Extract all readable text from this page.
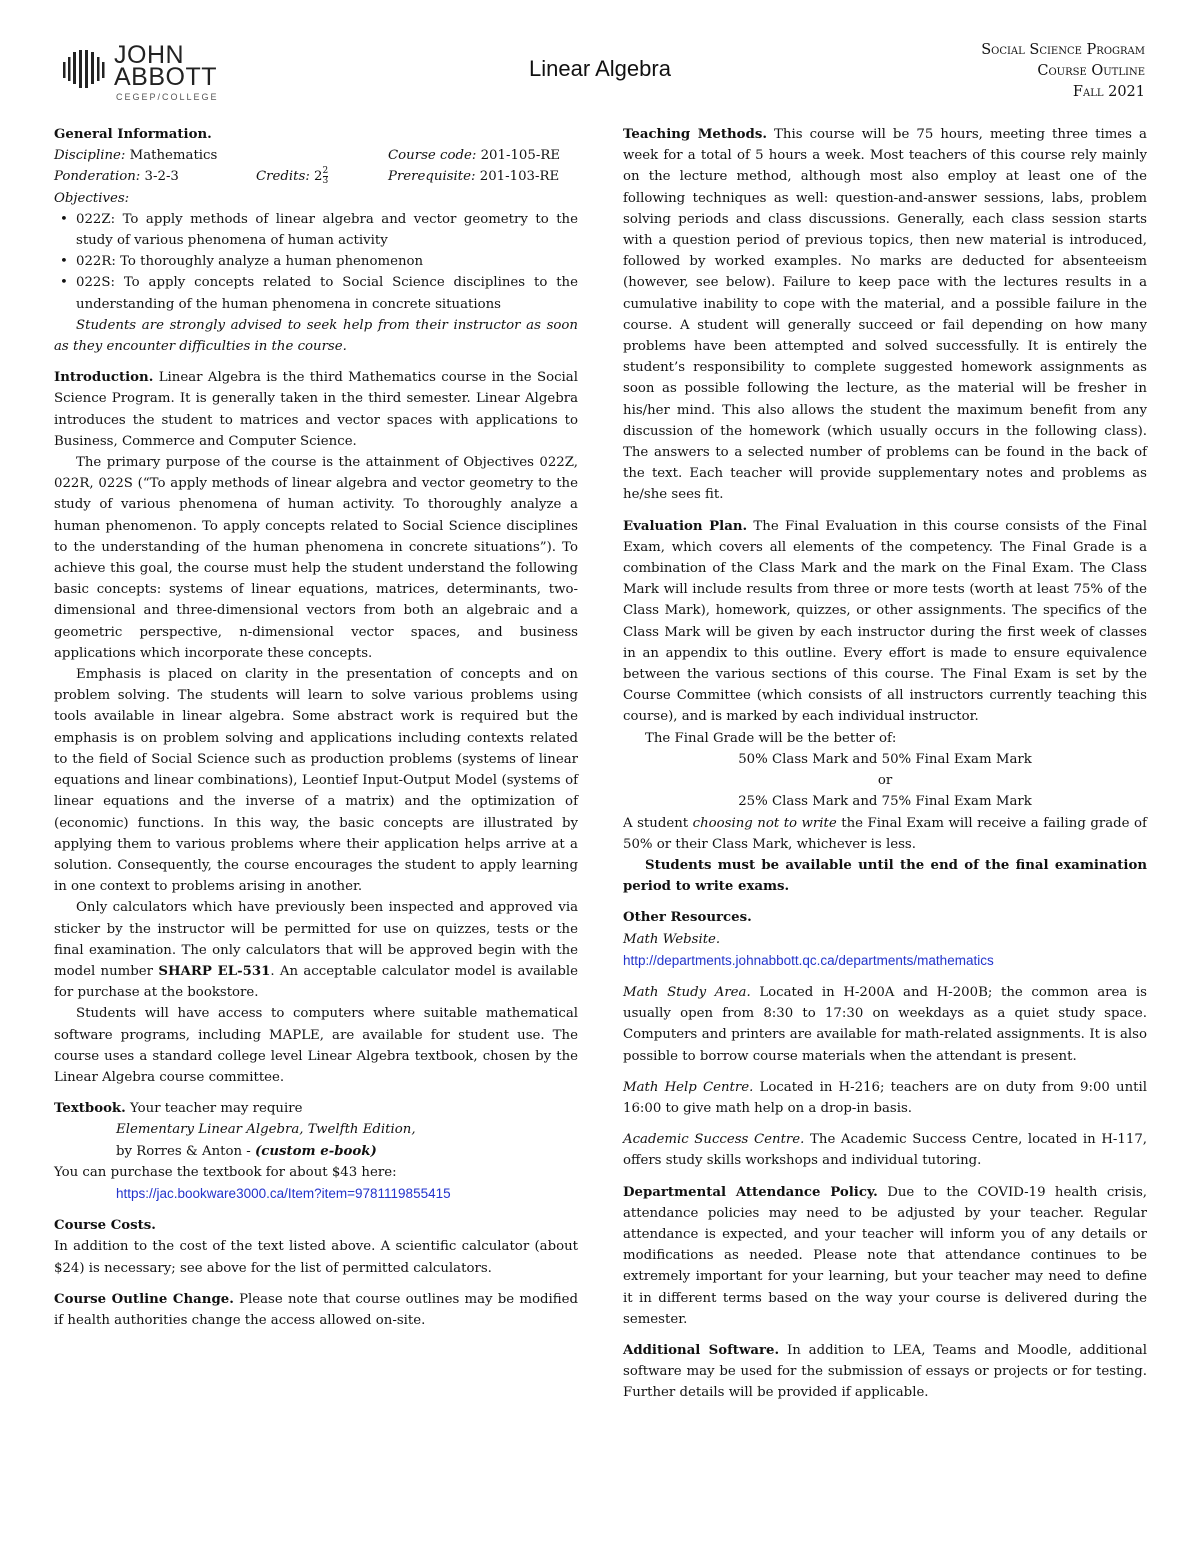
JOHN
ABBOTT
CEGEP/COLLEGE
Linear Algebra
Social Science Program
Course Outline
Fall 2021

General Information.

Discipline: Mathematics	Course code: 201-105-RE
Ponderation: 3-2-3	Credits: $2 \frac{2}{3}$	Prerequisite: 201-103-RE

Objectives:

• 022Z: To apply methods of linear algebra and vector geometry to the study of various phenomena of human activity
• 022R: To thoroughly analyze a human phenomenon
• 022S: To apply concepts related to Social Science disciplines to the understanding of the human phenomena in concrete situations

Students are strongly advised to seek help from their instructor as soon as they encounter difficulties in the course.

Introduction. Linear Algebra is the third Mathematics course in the Social Science Program. It is generally taken in the third semester. Linear Algebra introduces the student to matrices and vector spaces with applications to Business, Commerce and Computer Science.

The primary purpose of the course is the attainment of Objectives 022Z, 022R, 022S (“To apply methods of linear algebra and vector geometry to the study of various phenomena of human activity. To thoroughly analyze a human phenomenon. To apply concepts related to Social Science disciplines to the understanding of the human phenomena in concrete situations”). To achieve this goal, the course must help the student understand the following basic concepts: systems of linear equations, matrices, determinants, two-dimensional and three-dimensional vectors from both an algebraic and a geometric perspective, n-dimensional vector spaces, and business applications which incorporate these concepts.

Emphasis is placed on clarity in the presentation of concepts and on problem solving. The students will learn to solve various problems using tools available in linear algebra. Some abstract work is required but the emphasis is on problem solving and applications including contexts related to the field of Social Science such as production problems (systems of linear equations and linear combinations), Leontief Input-Output Model (systems of linear equations and the inverse of a matrix) and the optimization of (economic) functions. In this way, the basic concepts are illustrated by applying them to various problems where their application helps arrive at a solution. Consequently, the course encourages the student to apply learning in one context to problems arising in another.

Only calculators which have previously been inspected and approved via sticker by the instructor will be permitted for use on quizzes, tests or the final examination. The only calculators that will be approved begin with the model number SHARP EL-531. An acceptable calculator model is available for purchase at the bookstore.

Students will have access to computers where suitable mathematical software programs, including MAPLE, are available for student use. The course uses a standard college level Linear Algebra textbook, chosen by the Linear Algebra course committee.

Textbook. Your teacher may require

Elementary Linear Algebra, Twelfth Edition,

by Rorres & Anton - (custom e-book)

You can purchase the textbook for about $43 here:

https://jac.bookware3000.ca/Item?item=9781119855415

Course Costs.

In addition to the cost of the text listed above. A scientific calculator (about $24) is necessary; see above for the list of permitted calculators.

Course Outline Change. Please note that course outlines may be modified if health authorities change the access allowed on-site.

Teaching Methods. This course will be 75 hours, meeting three times a week for a total of 5 hours a week. Most teachers of this course rely mainly on the lecture method, although most also employ at least one of the following techniques as well: question-and-answer sessions, labs, problem solving periods and class discussions. Generally, each class session starts with a question period of previous topics, then new material is introduced, followed by worked examples. No marks are deducted for absenteeism (however, see below). Failure to keep pace with the lectures results in a cumulative inability to cope with the material, and a possible failure in the course. A student will generally succeed or fail depending on how many problems have been attempted and solved successfully. It is entirely the student’s responsibility to complete suggested homework assignments as soon as possible following the lecture, as the material will be fresher in his/her mind. This also allows the student the maximum benefit from any discussion of the homework (which usually occurs in the following class). The answers to a selected number of problems can be found in the back of the text. Each teacher will provide supplementary notes and problems as he/she sees fit.

Evaluation Plan. The Final Evaluation in this course consists of the Final Exam, which covers all elements of the competency. The Final Grade is a combination of the Class Mark and the mark on the Final Exam. The Class Mark will include results from three or more tests (worth at least 75% of the Class Mark), homework, quizzes, or other assignments. The specifics of the Class Mark will be given by each instructor during the first week of classes in an appendix to this outline. Every effort is made to ensure equivalence between the various sections of this course. The Final Exam is set by the Course Committee (which consists of all instructors currently teaching this course), and is marked by each individual instructor.

The Final Grade will be the better of:

50% Class Mark and 50% Final Exam Mark

or

25% Class Mark and 75% Final Exam Mark

A student choosing not to write the Final Exam will receive a failing grade of 50% or their Class Mark, whichever is less.

Students must be available until the end of the final examination period to write exams.

Other Resources.

Math Website.

http://departments.johnabbott.qc.ca/departments/mathematics

Math Study Area. Located in H-200A and H-200B; the common area is usually open from 8:30 to 17:30 on weekdays as a quiet study space. Computers and printers are available for math-related assignments. It is also possible to borrow course materials when the attendant is present.

Math Help Centre. Located in H-216; teachers are on duty from 9:00 until 16:00 to give math help on a drop-in basis.

Academic Success Centre. The Academic Success Centre, located in H-117, offers study skills workshops and individual tutoring.

Departmental Attendance Policy. Due to the COVID-19 health crisis, attendance policies may need to be adjusted by your teacher. Regular attendance is expected, and your teacher will inform you of any details or modifications as needed. Please note that attendance continues to be extremely important for your learning, but your teacher may need to define it in different terms based on the way your course is delivered during the semester.

Additional Software. In addition to LEA, Teams and Moodle, additional software may be used for the submission of essays or projects or for testing. Further details will be provided if applicable.
